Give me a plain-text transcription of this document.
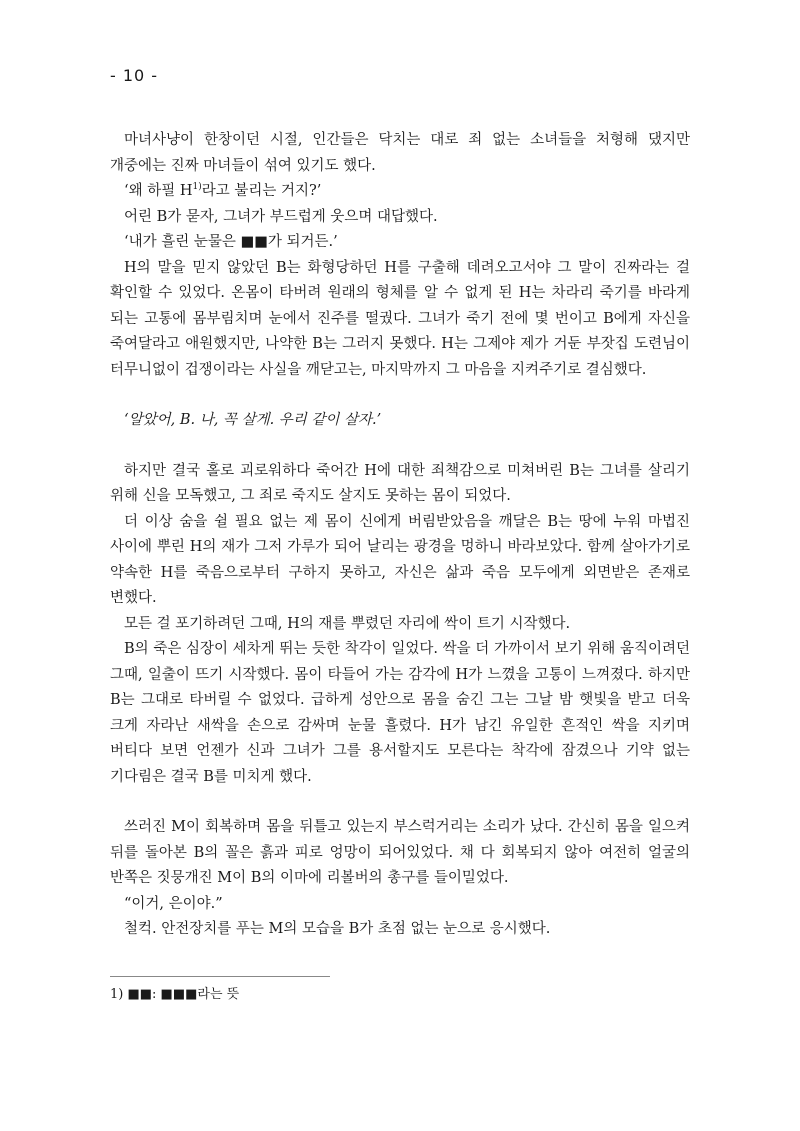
- 10 -

마녀사냥이 한창이던 시절, 인간들은 닥치는 대로 죄 없는 소녀들을 처형해 댔지만 개중에는 진짜 마녀들이 섞여 있기도 했다.

‘왜 하필 H$^{1)}$라고 불리는 거지?’

어린 B가 묻자, 그녀가 부드럽게 웃으며 대답했다.

‘내가 흘린 눈물은 ■■가 되거든.’

H의 말을 믿지 않았던 B는 화형당하던 H를 구출해 데려오고서야 그 말이 진짜라는 걸 확인할 수 있었다. 온몸이 타버려 원래의 형체를 알 수 없게 된 H는 차라리 죽기를 바라게 되는 고통에 몸부림치며 눈에서 진주를 떨궜다. 그녀가 죽기 전에 몇 번이고 B에게 자신을 죽여달라고 애원했지만, 나약한 B는 그러지 못했다. H는 그제야 제가 거둔 부잣집 도련님이 터무니없이 겁쟁이라는 사실을 깨닫고는, 마지막까지 그 마음을 지켜주기로 결심했다.

‘알았어, B. 나, 꼭 살게. 우리 같이 살자.’

하지만 결국 홀로 괴로워하다 죽어간 H에 대한 죄책감으로 미쳐버린 B는 그녀를 살리기 위해 신을 모독했고, 그 죄로 죽지도 살지도 못하는 몸이 되었다.

더 이상 숨을 쉴 필요 없는 제 몸이 신에게 버림받았음을 깨달은 B는 땅에 누워 마법진 사이에 뿌린 H의 재가 그저 가루가 되어 날리는 광경을 멍하니 바라보았다. 함께 살아가기로 약속한 H를 죽음으로부터 구하지 못하고, 자신은 삶과 죽음 모두에게 외면받은 존재로 변했다.

모든 걸 포기하려던 그때, H의 재를 뿌렸던 자리에 싹이 트기 시작했다.

B의 죽은 심장이 세차게 뛰는 듯한 착각이 일었다. 싹을 더 가까이서 보기 위해 움직이려던 그때, 일출이 뜨기 시작했다. 몸이 타들어 가는 감각에 H가 느꼈을 고통이 느껴졌다. 하지만 B는 그대로 타버릴 수 없었다. 급하게 성안으로 몸을 숨긴 그는 그날 밤 햇빛을 받고 더욱 크게 자라난 새싹을 손으로 감싸며 눈물 흘렸다. H가 남긴 유일한 흔적인 싹을 지키며 버티다 보면 언젠가 신과 그녀가 그를 용서할지도 모른다는 착각에 잠겼으나 기약 없는 기다림은 결국 B를 미치게 했다.

쓰러진 M이 회복하며 몸을 뒤틀고 있는지 부스럭거리는 소리가 났다. 간신히 몸을 일으켜 뒤를 돌아본 B의 꼴은 흙과 피로 엉망이 되어있었다. 채 다 회복되지 않아 여전히 얼굴의 반쪽은 짓뭉개진 M이 B의 이마에 리볼버의 총구를 들이밀었다.

“이거, 은이야.”

철컥. 안전장치를 푸는 M의 모습을 B가 초점 없는 눈으로 응시했다.

1) ■■: ■■■라는 뜻
